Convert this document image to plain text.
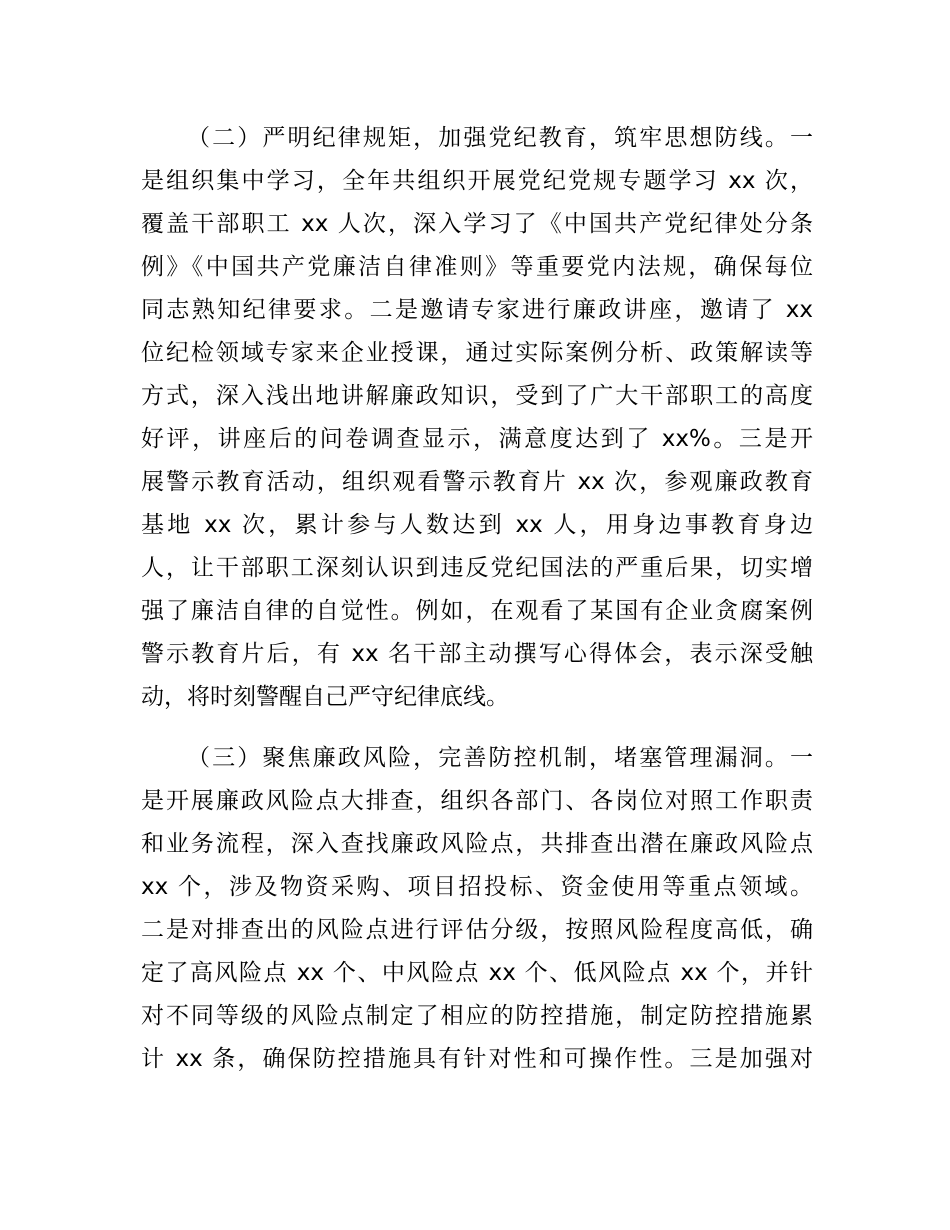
（二）严明纪律规矩，加强党纪教育，筑牢思想防线。一
是组织集中学习，全年共组织开展党纪党规专题学习 xx 次，
覆盖干部职工 xx 人次，深入学习了《中国共产党纪律处分条
例》《中国共产党廉洁自律准则》等重要党内法规，确保每位
同志熟知纪律要求。二是邀请专家进行廉政讲座，邀请了 xx
位纪检领域专家来企业授课，通过实际案例分析、政策解读等
方式，深入浅出地讲解廉政知识，受到了广大干部职工的高度
好评，讲座后的问卷调查显示，满意度达到了 xx%。三是开
展警示教育活动，组织观看警示教育片 xx 次，参观廉政教育
基地 xx 次，累计参与人数达到 xx 人，用身边事教育身边
人，让干部职工深刻认识到违反党纪国法的严重后果，切实增
强了廉洁自律的自觉性。例如，在观看了某国有企业贪腐案例
警示教育片后，有 xx 名干部主动撰写心得体会，表示深受触
动，将时刻警醒自己严守纪律底线。
（三）聚焦廉政风险，完善防控机制，堵塞管理漏洞。一
是开展廉政风险点大排查，组织各部门、各岗位对照工作职责
和业务流程，深入查找廉政风险点，共排查出潜在廉政风险点
xx 个，涉及物资采购、项目招投标、资金使用等重点领域。
二是对排查出的风险点进行评估分级，按照风险程度高低，确
定了高风险点 xx 个、中风险点 xx 个、低风险点 xx 个，并针
对不同等级的风险点制定了相应的防控措施，制定防控措施累
计 xx 条，确保防控措施具有针对性和可操作性。三是加强对
